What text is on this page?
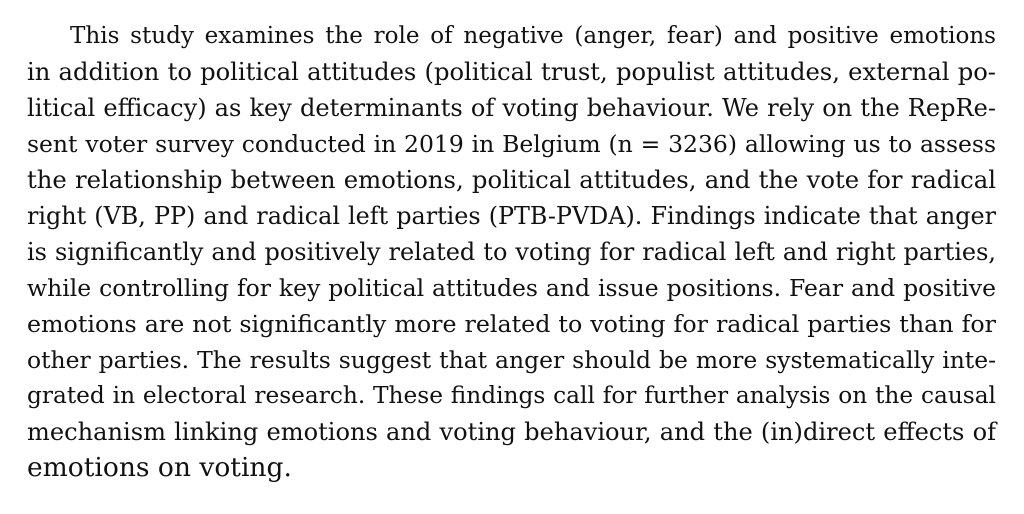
This study examines the role of negative (anger, fear) and positive emotions
in addition to political attitudes (political trust, populist attitudes, external po-
litical efficacy) as key determinants of voting behaviour. We rely on the RepRe-
sent voter survey conducted in 2019 in Belgium (n = 3236) allowing us to assess
the relationship between emotions, political attitudes, and the vote for radical
right (VB, PP) and radical left parties (PTB-PVDA). Findings indicate that anger
is significantly and positively related to voting for radical left and right parties,
while controlling for key political attitudes and issue positions. Fear and positive
emotions are not significantly more related to voting for radical parties than for
other parties. The results suggest that anger should be more systematically inte-
grated in electoral research. These findings call for further analysis on the causal
mechanism linking emotions and voting behaviour, and the (in)direct effects of
emotions on voting.
